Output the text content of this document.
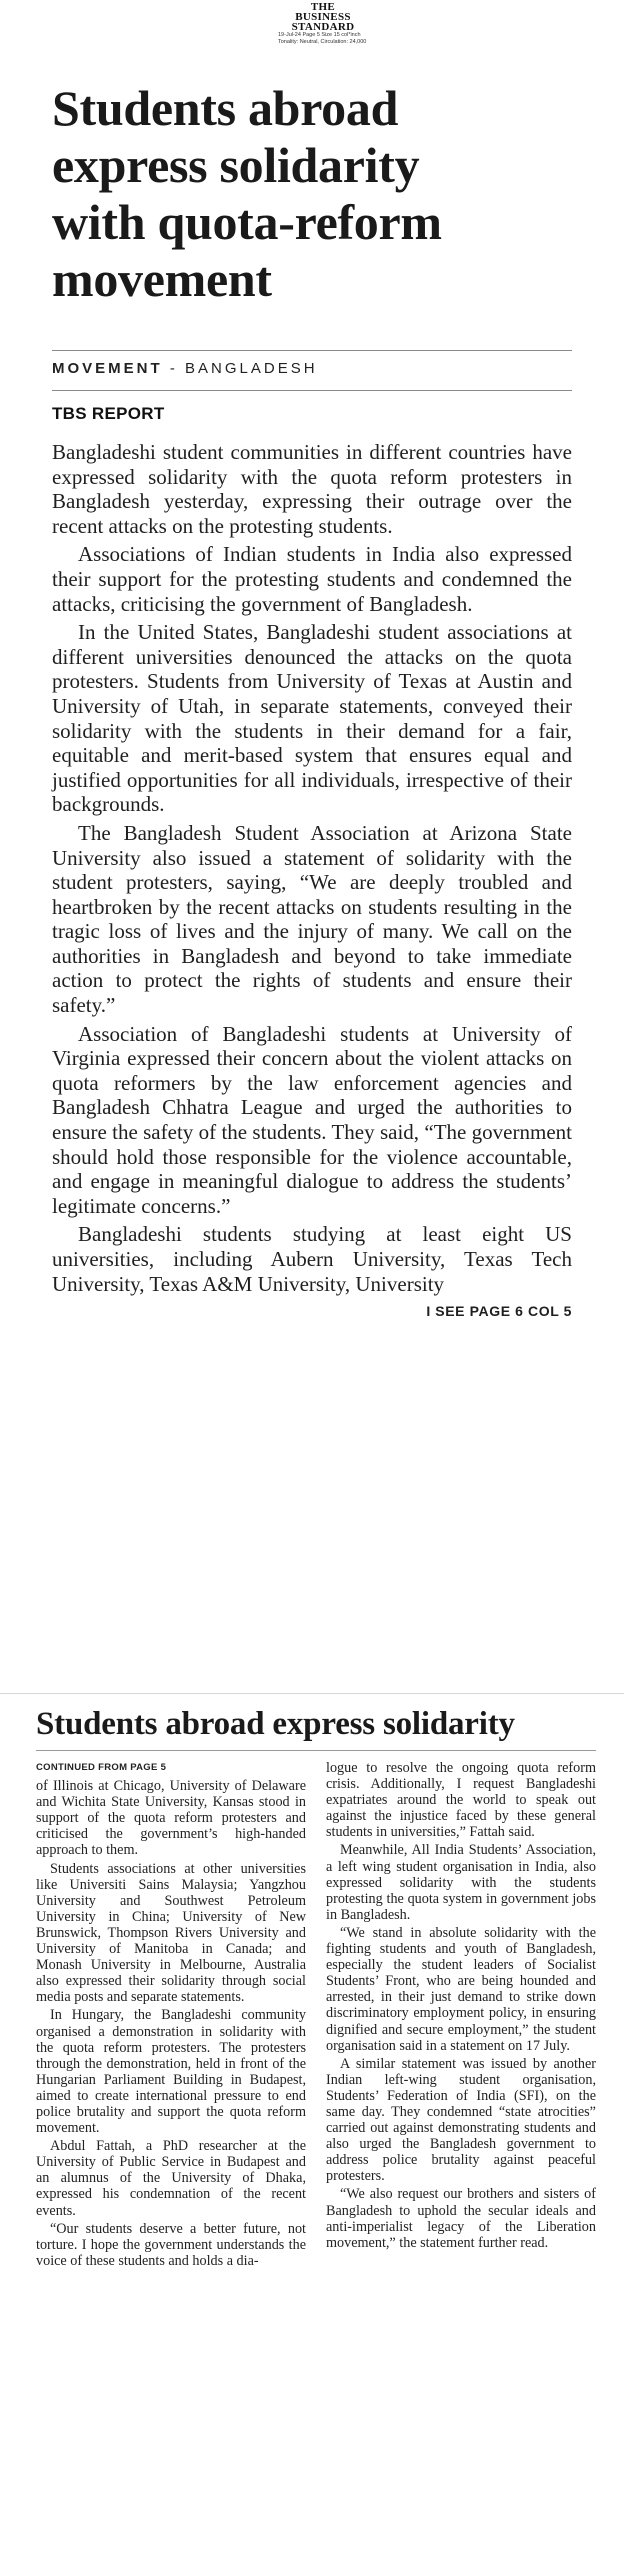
THE
BUSINESS
STANDARD
19-Jul-24 Page 5 Size 15 col*inch
Tonality: Neutral, Circulation: 24,000
Students abroad
express solidarity
with quota-reform
movement
MOVEMENT - BANGLADESH
TBS REPORT

Bangladeshi student communities in different countries have expressed solidarity with the quota reform protesters in Bangladesh yesterday, expressing their outrage over the recent attacks on the protesting students.

Associations of Indian students in India also expressed their support for the protesting students and condemned the attacks, criticising the government of Bangladesh.

In the United States, Bangladeshi student associations at different universities denounced the attacks on the quota protesters. Students from University of Texas at Austin and University of Utah, in separate statements, conveyed their solidarity with the students in their demand for a fair, equitable and merit-based system that ensures equal and justified opportunities for all individuals, irrespective of their backgrounds.

The Bangladesh Student Association at Arizona State University also issued a statement of solidarity with the student protesters, saying, “We are deeply troubled and heartbroken by the recent attacks on students resulting in the tragic loss of lives and the injury of many. We call on the authorities in Bangladesh and beyond to take immediate action to protect the rights of students and ensure their safety.”

Association of Bangladeshi students at University of Virginia expressed their concern about the violent attacks on quota reformers by the law enforcement agencies and Bangladesh Chhatra League and urged the authorities to ensure the safety of the students. They said, “The government should hold those responsible for the violence accountable, and engage in meaningful dialogue to address the students’ legitimate concerns.”

Bangladeshi students studying at least eight US universities, including Aubern University, Texas Tech University, Texas A&M University, University
I SEE PAGE 6 COL 5

Students abroad express solidarity
CONTINUED FROM PAGE 5

of Illinois at Chicago, University of Delaware and Wichita State University, Kansas stood in support of the quota reform protesters and criticised the government’s high-handed approach to them.

Students associations at other universities like Universiti Sains Malaysia; Yangzhou University and Southwest Petroleum University in China; University of New Brunswick, Thompson Rivers University and University of Manitoba in Canada; and Monash University in Melbourne, Australia also expressed their solidarity through social media posts and separate statements.

In Hungary, the Bangladeshi community organised a demonstration in solidarity with the quota reform protesters. The protesters through the demonstration, held in front of the Hungarian Parliament Building in Budapest, aimed to create international pressure to end police brutality and support the quota reform movement.

Abdul Fattah, a PhD researcher at the University of Public Service in Budapest and an alumnus of the University of Dhaka, expressed his condemnation of the recent events.

“Our students deserve a better future, not torture. I hope the government understands the voice of these students and holds a dia-

logue to resolve the ongoing quota reform crisis. Additionally, I request Bangladeshi expatriates around the world to speak out against the injustice faced by these general students in universities,” Fattah said.

Meanwhile, All India Students’ Association, a left wing student organisation in India, also expressed solidarity with the students protesting the quota system in government jobs in Bangladesh.

“We stand in absolute solidarity with the fighting students and youth of Bangladesh, especially the student leaders of Socialist Students’ Front, who are being hounded and arrested, in their just demand to strike down discriminatory employment policy, in ensuring dignified and secure employment,” the student organisation said in a statement on 17 July.

A similar statement was issued by another Indian left-wing student organisation, Students’ Federation of India (SFI), on the same day. They condemned “state atrocities” carried out against demonstrating students and also urged the Bangladesh government to address police brutality against peaceful protesters.

“We also request our brothers and sisters of Bangladesh to uphold the secular ideals and anti-imperialist legacy of the Liberation movement,” the statement further read.
